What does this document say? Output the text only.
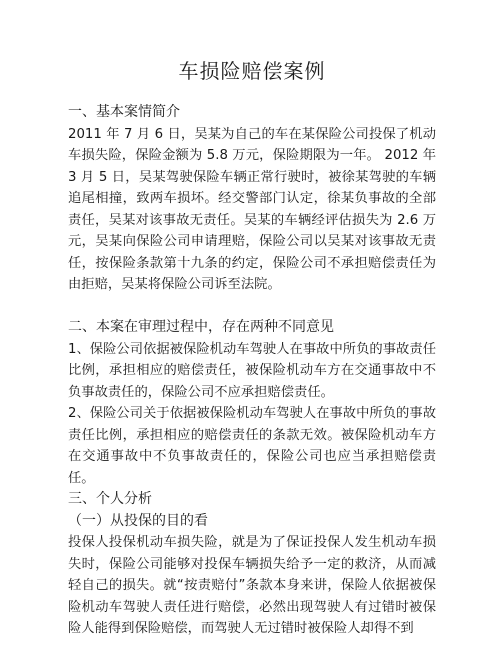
车损险赔偿案例
一、基本案情简介
2011 年 7 月 6 日，吴某为自己的车在某保险公司投保了机动车损失险，保险金额为 5.8 万元，保险期限为一年。 2012 年 3 月 5 日，吴某驾驶保险车辆正常行驶时，被徐某驾驶的车辆追尾相撞，致两车损坏。经交警部门认定，徐某负事故的全部责任，吴某对该事故无责任。吴某的车辆经评估损失为 2.6 万元，吴某向保险公司申请理赔，保险公司以吴某对该事故无责任，按保险条款第十九条的约定，保险公司不承担赔偿责任为由拒赔，吴某将保险公司诉至法院。
二、本案在审理过程中，存在两种不同意见
1、保险公司依据被保险机动车驾驶人在事故中所负的事故责任比例，承担相应的赔偿责任，被保险机动车方在交通事故中不负事故责任的，保险公司不应承担赔偿责任。
2、保险公司关于依据被保险机动车驾驶人在事故中所负的事故责任比例，承担相应的赔偿责任的条款无效。被保险机动车方在交通事故中不负事故责任的，保险公司也应当承担赔偿责任。
三、个人分析
（一）从投保的目的看
投保人投保机动车损失险，就是为了保证投保人发生机动车损失时，保险公司能够对投保车辆损失给予一定的救济，从而减轻自己的损失。就“按责赔付”条款本身来讲，保险人依据被保险机动车驾驶人责任进行赔偿，必然出现驾驶人有过错时被保险人能得到保险赔偿，而驾驶人无过错时被保险人却得不到
